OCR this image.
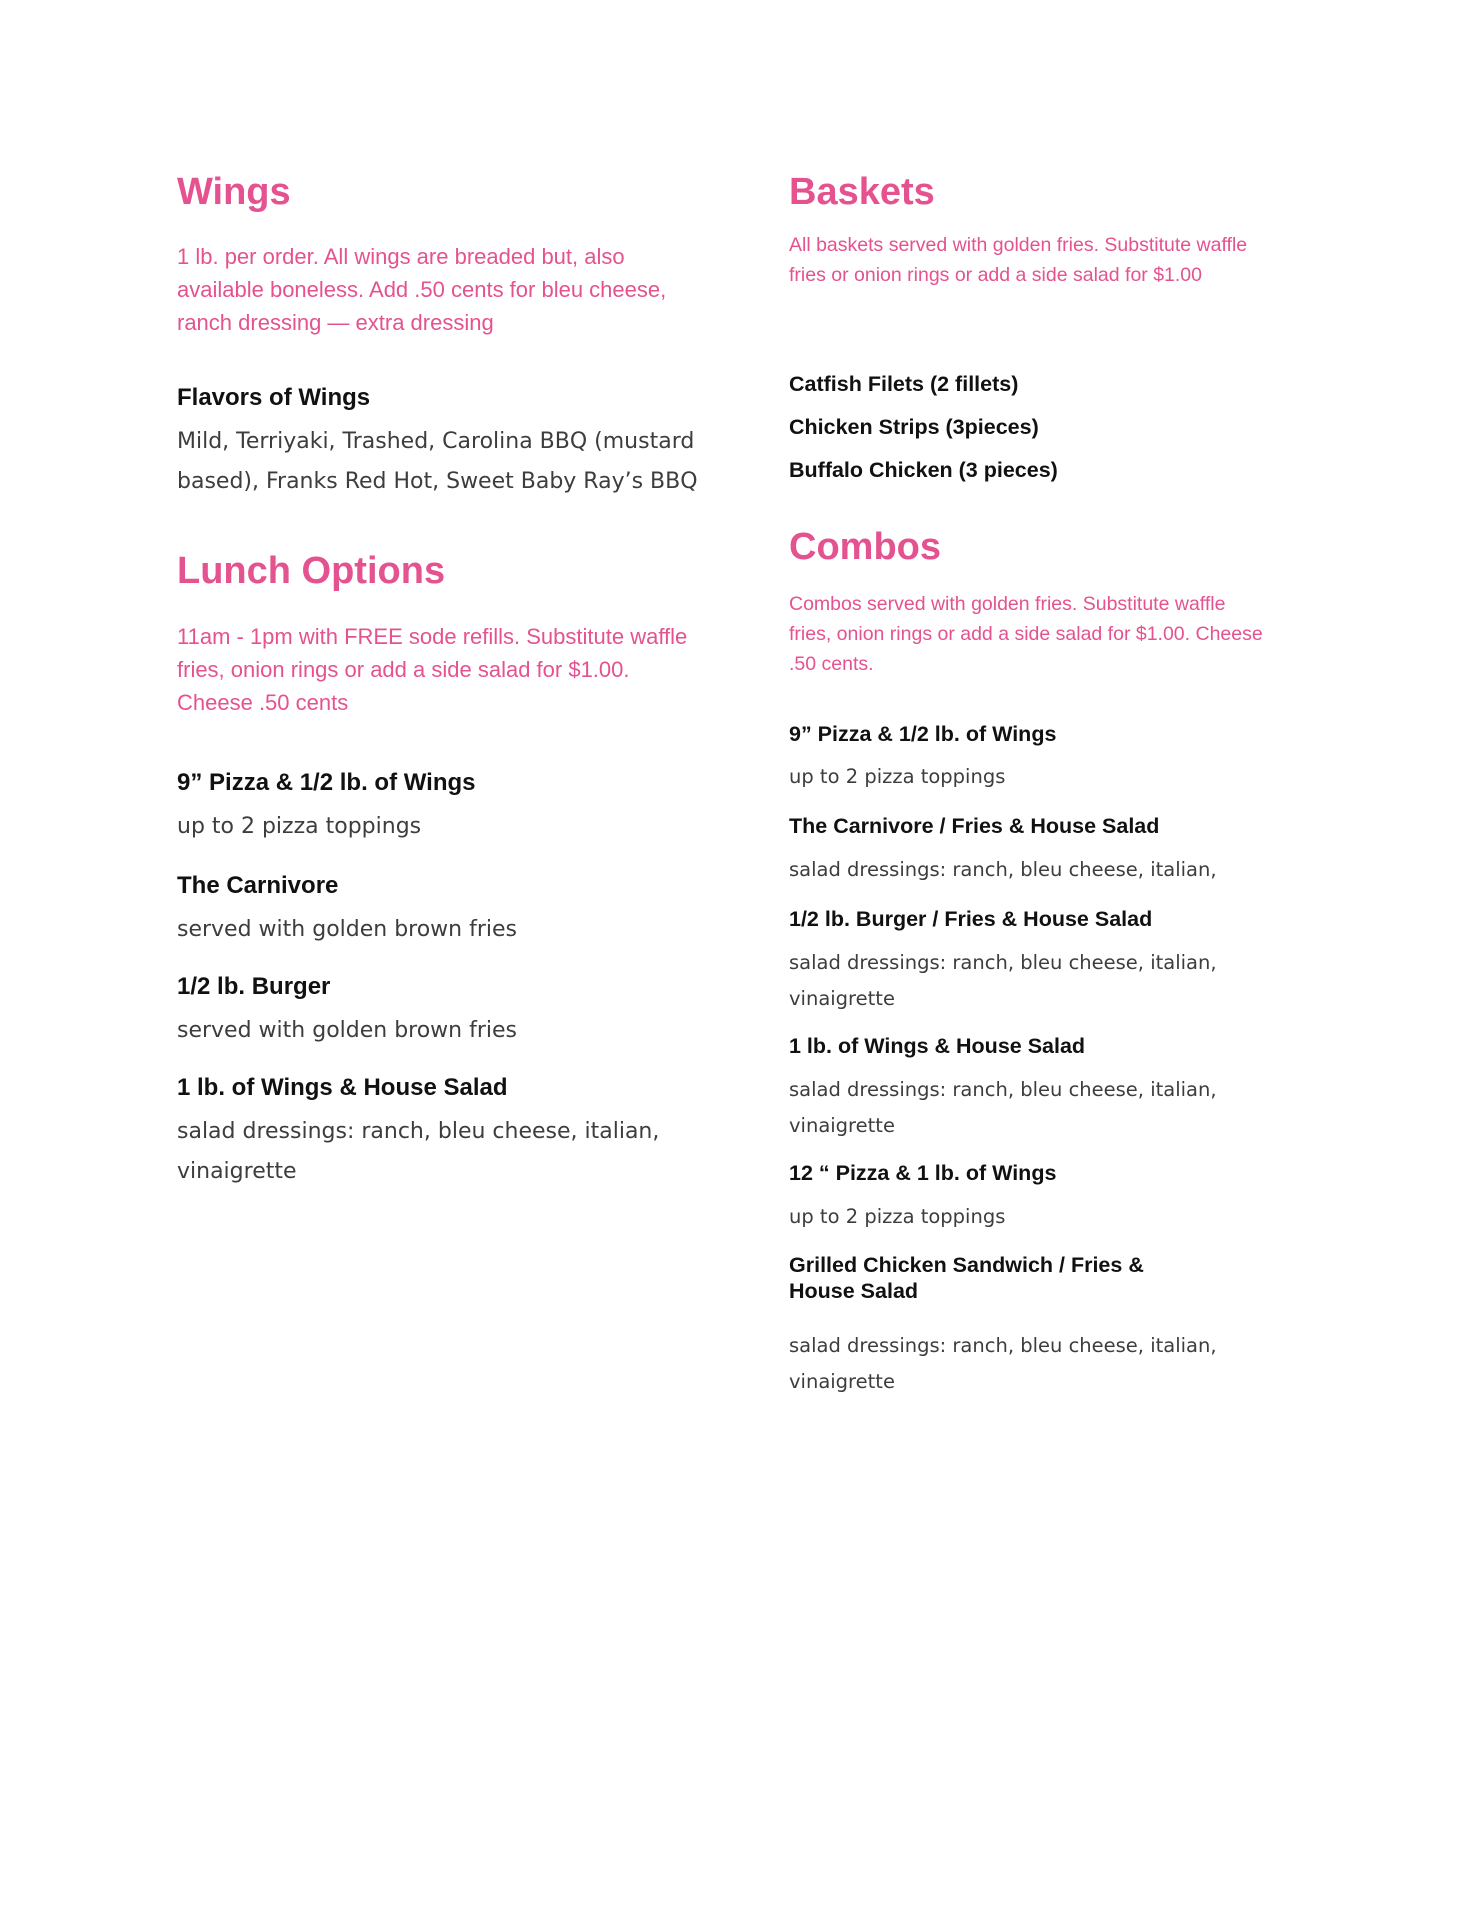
Wings

1 lb. per order. All wings are breaded but, also available boneless. Add .50 cents for bleu cheese, ranch dressing — extra dressing

Flavors of Wings

Mild, Terriyaki, Trashed, Carolina BBQ (mustard based), Franks Red Hot, Sweet Baby Ray’s BBQ

Lunch Options

11am - 1pm with FREE sode refills. Substitute waffle fries, onion rings or add a side salad for $1.00. Cheese .50 cents

9” Pizza & 1/2 lb. of Wings

up to 2 pizza toppings

The Carnivore

served with golden brown fries

1/2 lb. Burger

served with golden brown fries

1 lb. of Wings & House Salad

salad dressings: ranch, bleu cheese, italian, vinaigrette

Baskets

All baskets served with golden fries. Substitute waffle fries or onion rings or add a side salad for $1.00

Catfish Filets (2 fillets)

Chicken Strips (3pieces)

Buffalo Chicken (3 pieces)

Combos

Combos served with golden fries. Substitute waffle fries, onion rings or add a side salad for $1.00. Cheese .50 cents.

9” Pizza & 1/2 lb. of Wings

up to 2 pizza toppings

The Carnivore / Fries & House Salad

salad dressings: ranch, bleu cheese, italian,

1/2 lb. Burger / Fries & House Salad

salad dressings: ranch, bleu cheese, italian, vinaigrette

1 lb. of Wings & House Salad

salad dressings: ranch, bleu cheese, italian, vinaigrette

12 “ Pizza & 1 lb. of Wings

up to 2 pizza toppings

Grilled Chicken Sandwich / Fries & House Salad

salad dressings: ranch, bleu cheese, italian, vinaigrette
